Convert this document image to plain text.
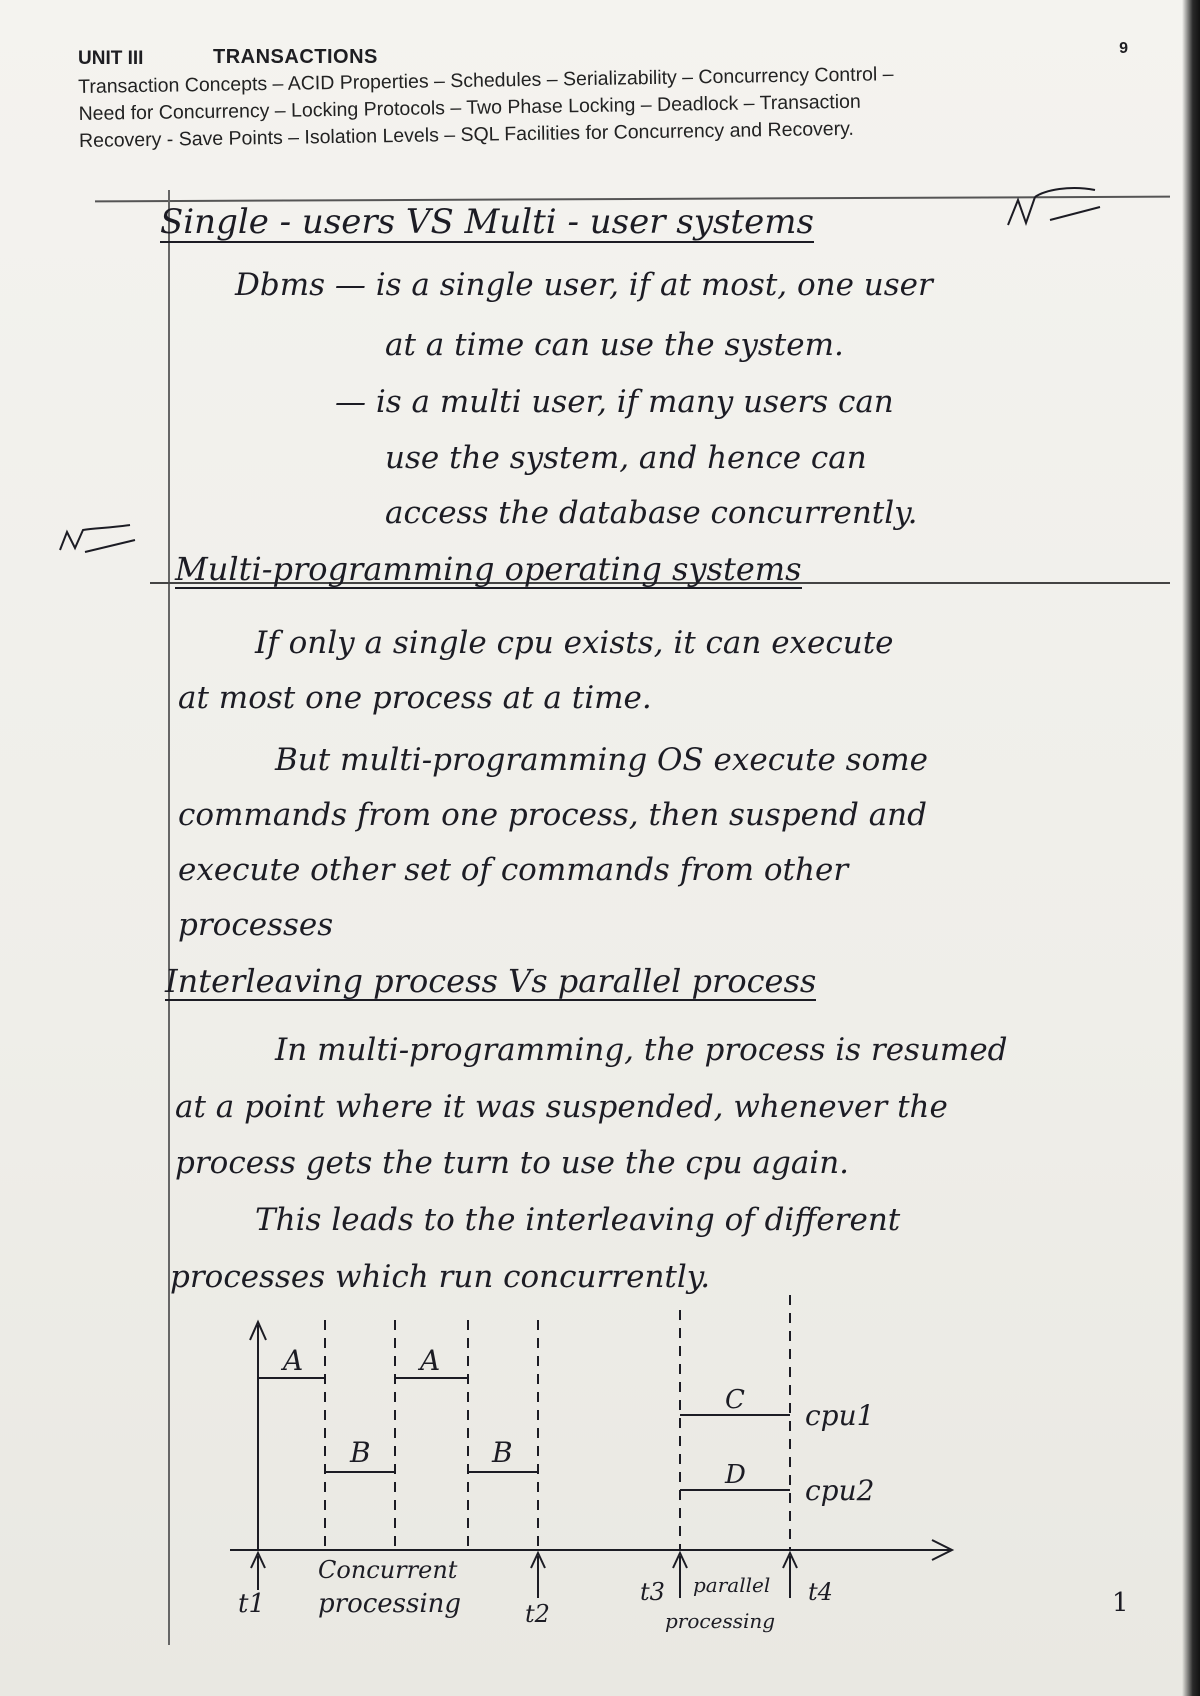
UNIT III	TRANSACTIONS	9
Transaction Concepts – ACID Properties – Schedules – Serializability – Concurrency Control –
Need for Concurrency – Locking Protocols – Two Phase Locking – Deadlock – Transaction
Recovery - Save Points – Isolation Levels – SQL Facilities for Concurrency and Recovery.
Single - users VS Multi - user systems
Dbms — is a single user, if at most, one user
at a time can use the system.
— is a multi user, if many users can
use the system, and hence can
access the database concurrently.
Multi-programming operating systems
If only a single cpu exists, it can execute
at most one process at a time.
But multi-programming OS execute some
commands from one process, then suspend and
execute other set of commands from other
processes
Interleaving process Vs parallel process
In multi-programming, the process is resumed
at a point where it was suspended, whenever the
process gets the turn to use the cpu again.
This leads to the interleaving of different
processes which run concurrently.
A	A
B	B
C
D
cpu1
cpu2
t1	t2
t3	t4
Concurrent
processing
parallel
processing
1
